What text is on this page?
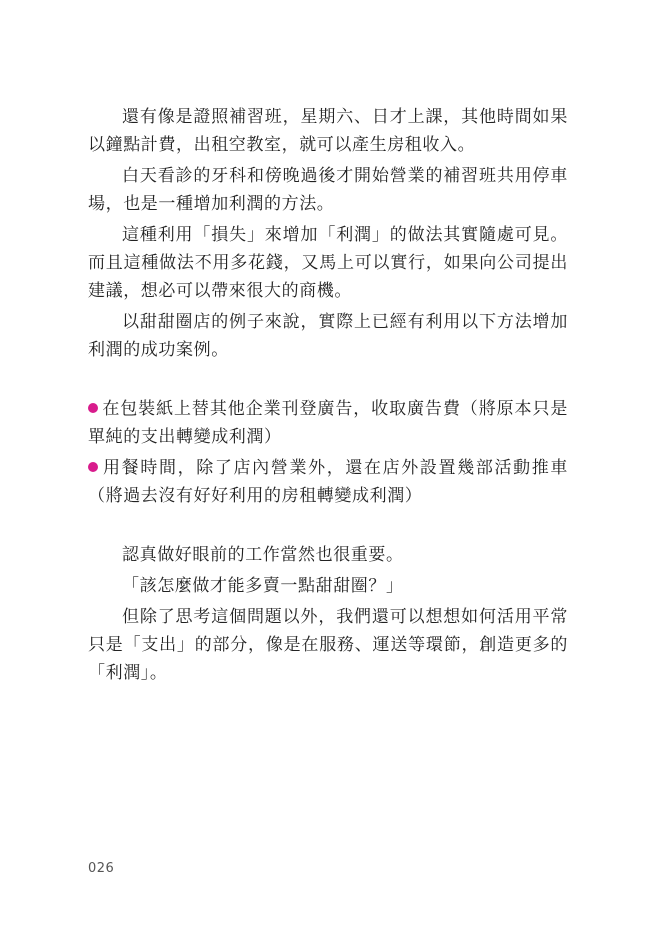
還有像是證照補習班，星期六、日才上課，其他時間如果以鐘點計費，出租空教室，就可以產生房租收入。

白天看診的牙科和傍晚過後才開始營業的補習班共用停車場，也是一種增加利潤的方法。

這種利用「損失」來增加「利潤」的做法其實隨處可見。而且這種做法不用多花錢，又馬上可以實行，如果向公司提出建議，想必可以帶來很大的商機。

以甜甜圈店的例子來說，實際上已經有利用以下方法增加利潤的成功案例。

在包裝紙上替其他企業刊登廣告，收取廣告費（將原本只是單純的支出轉變成利潤）

用餐時間，除了店內營業外，還在店外設置幾部活動推車（將過去沒有好好利用的房租轉變成利潤）

認真做好眼前的工作當然也很重要。

「該怎麼做才能多賣一點甜甜圈？」

但除了思考這個問題以外，我們還可以想想如何活用平常只是「支出」的部分，像是在服務、運送等環節，創造更多的「利潤」。

026
